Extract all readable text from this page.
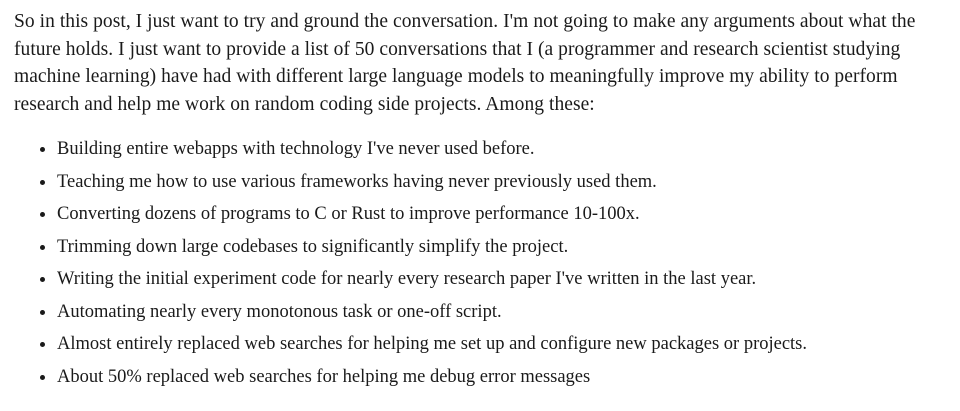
So in this post, I just want to try and ground the conversation. I'm not going to make any arguments about what the future holds. I just want to provide a list of 50 conversations that I (a programmer and research scientist studying machine learning) have had with different large language models to meaningfully improve my ability to perform research and help me work on random coding side projects. Among these:

Building entire webapps with technology I've never used before.
Teaching me how to use various frameworks having never previously used them.
Converting dozens of programs to C or Rust to improve performance 10-100x.
Trimming down large codebases to significantly simplify the project.
Writing the initial experiment code for nearly every research paper I've written in the last year.
Automating nearly every monotonous task or one-off script.
Almost entirely replaced web searches for helping me set up and configure new packages or projects.
About 50% replaced web searches for helping me debug error messages
